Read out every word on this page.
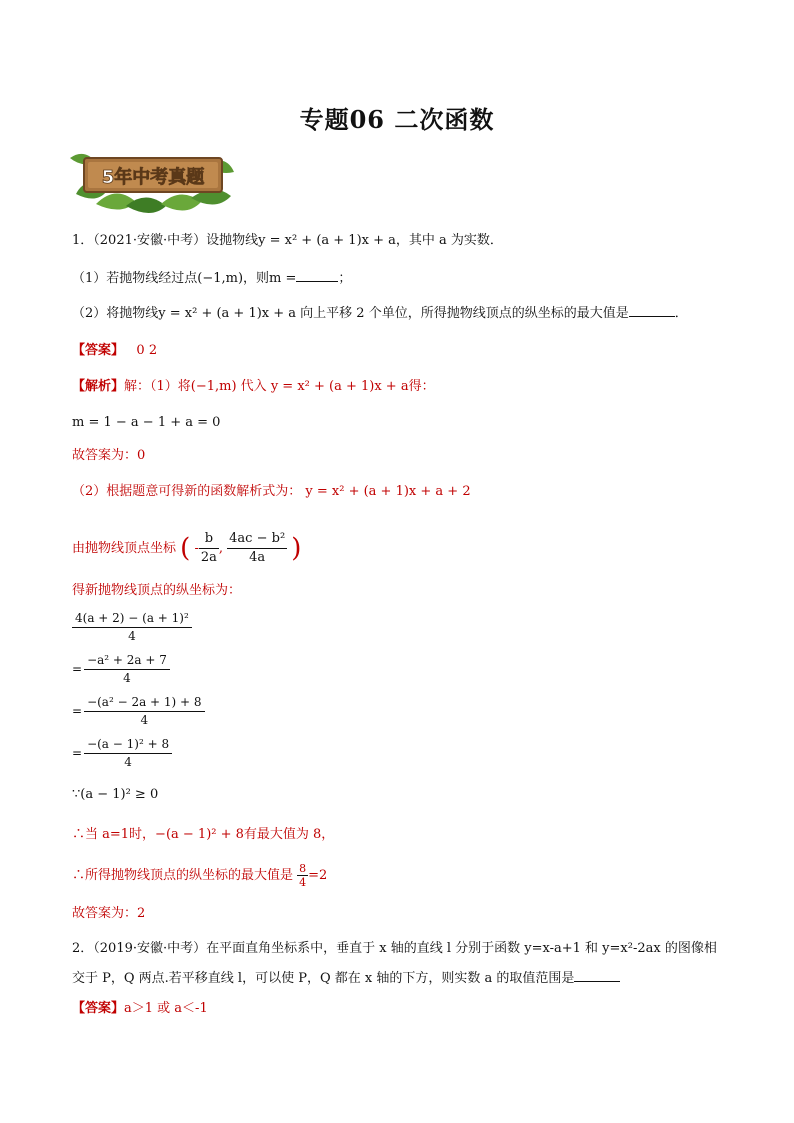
专题06 二次函数
5年中考真题
1．（2021·安徽·中考）设抛物线y = x² + (a + 1)x + a，其中 a 为实数．
（1）若抛物线经过点(−1,m)，则m =	；
（2）将抛物线y = x² + (a + 1)x + a 向上平移 2 个单位，所得抛物线顶点的纵坐标的最大值是	．
【答案】 0 2
【解析】解：（1）将(−1,m) 代入 y = x² + (a + 1)x + a得：
m = 1 − a − 1 + a = 0
故答案为：0
（2）根据题意可得新的函数解析式为： y = x² + (a + 1)x + a + 2
由抛物线顶点坐标 ( - $\frac{b}{2a}$ , $\frac{\text{4ac − b²}}{4a}$ )
得新抛物线顶点的纵坐标为：
$\frac{\text{4(a + 2) − (a + 1)²}}{4}$
= $\frac{\text{−a² + 2a + 7}}{4}$
= $\frac{\text{−(a² − 2a + 1) + 8}}{4}$
= $\frac{\text{−(a − 1)² + 8}}{4}$
∵(a − 1)² ≥ 0
∴当 a=1时，−(a − 1)² + 8有最大值为 8，
∴所得抛物线顶点的纵坐标的最大值是 $\frac{8}{4} =2$
故答案为：2
2．（2019·安徽·中考）在平面直角坐标系中，垂直于 x 轴的直线 l 分别于函数 y=x-a+1 和 y=x²-2ax 的图像相
交于 P，Q 两点.若平移直线 l，可以使 P，Q 都在 x 轴的下方，则实数 a 的取值范围是
【答案】a＞1 或 a＜-1
